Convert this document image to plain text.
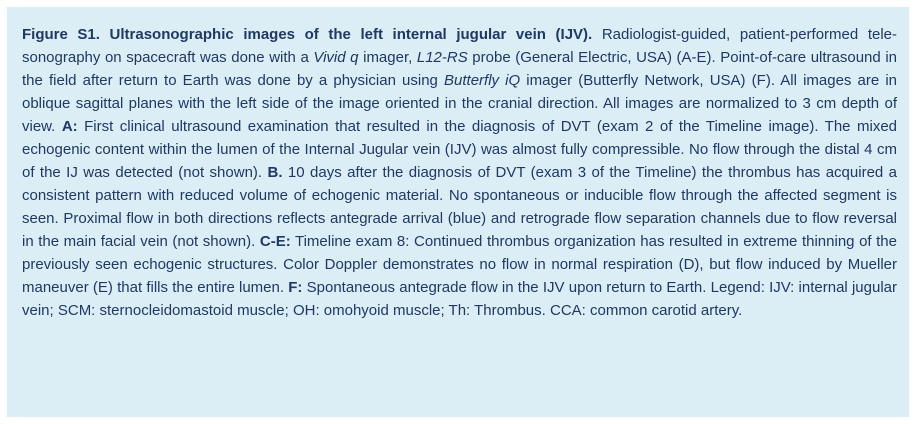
Figure S1. Ultrasonographic images of the left internal jugular vein (IJV). Radiologist-guided, patient-performed tele-sonography on spacecraft was done with a Vivid q imager, L12-RS probe (General Electric, USA) (A-E). Point-of-care ultrasound in the field after return to Earth was done by a physician using Butterfly iQ imager (Butterfly Network, USA) (F). All images are in oblique sagittal planes with the left side of the image oriented in the cranial direction. All images are normalized to 3 cm depth of view. A: First clinical ultrasound examination that resulted in the diagnosis of DVT (exam 2 of the Timeline image). The mixed echogenic content within the lumen of the Internal Jugular vein (IJV) was almost fully compressible. No flow through the distal 4 cm of the IJ was detected (not shown). B. 10 days after the diagnosis of DVT (exam 3 of the Timeline) the thrombus has acquired a consistent pattern with reduced volume of echogenic material. No spontaneous or inducible flow through the affected segment is seen. Proximal flow in both directions reflects antegrade arrival (blue) and retrograde flow separation channels due to flow reversal in the main facial vein (not shown). C-E: Timeline exam 8: Continued thrombus organization has resulted in extreme thinning of the previously seen echogenic structures. Color Doppler demonstrates no flow in normal respiration (D), but flow induced by Mueller maneuver (E) that fills the entire lumen. F: Spontaneous antegrade flow in the IJV upon return to Earth. Legend: IJV: internal jugular vein; SCM: sternocleidomastoid muscle; OH: omohyoid muscle; Th: Thrombus. CCA: common carotid artery.
